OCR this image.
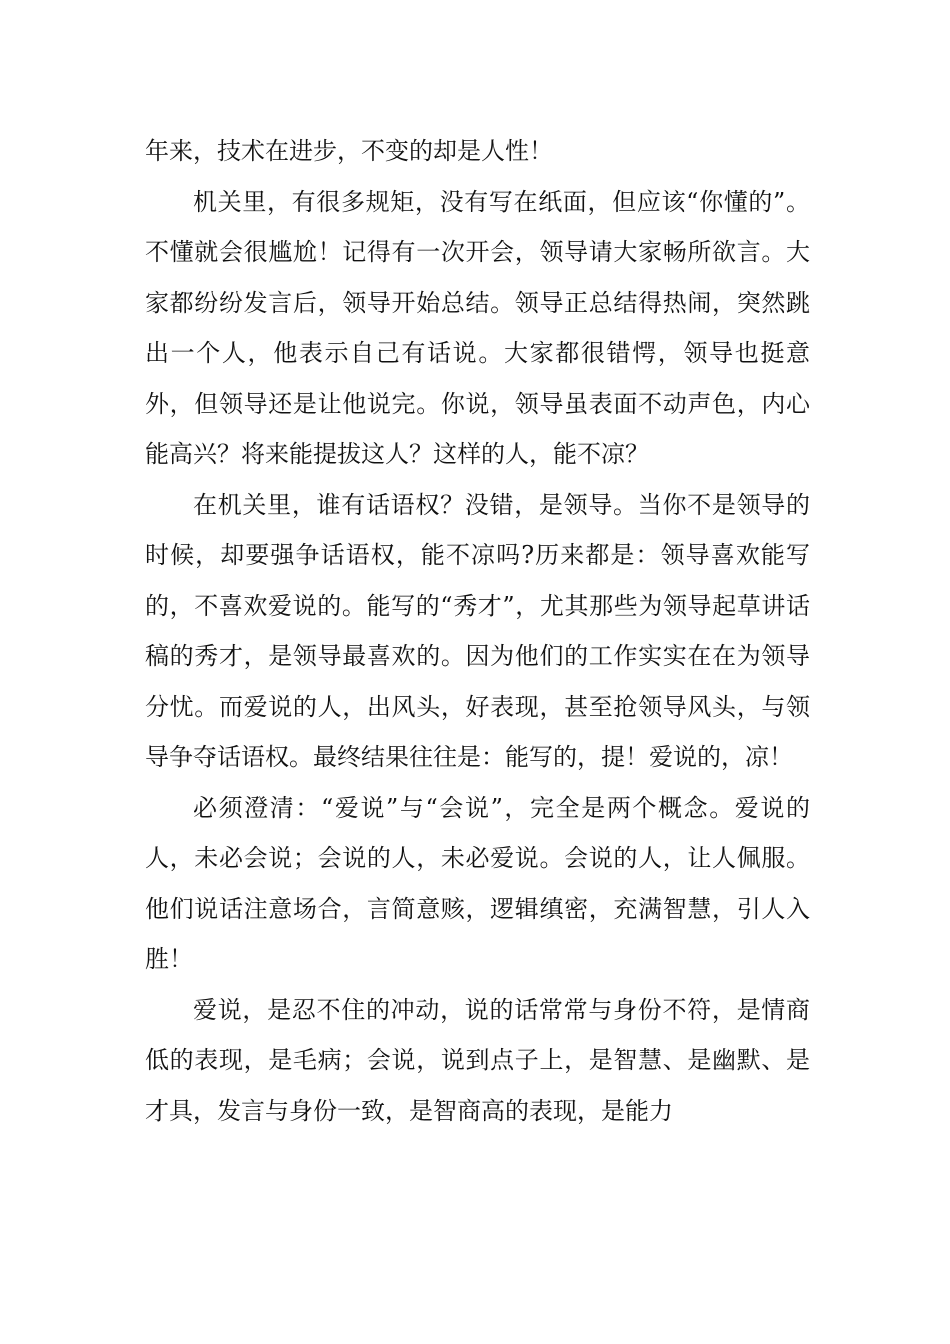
年来，技术在进步，不变的却是人性！

机关里，有很多规矩，没有写在纸面，但应该“你懂的”。不懂就会很尴尬！记得有一次开会，领导请大家畅所欲言。大家都纷纷发言后，领导开始总结。领导正总结得热闹，突然跳出一个人，他表示自己有话说。大家都很错愕，领导也挺意外，但领导还是让他说完。你说，领导虽表面不动声色，内心能高兴？将来能提拔这人？这样的人，能不凉？

在机关里，谁有话语权？没错，是领导。当你不是领导的时候，却要强争话语权，能不凉吗?历来都是：领导喜欢能写的，不喜欢爱说的。能写的“秀才”，尤其那些为领导起草讲话稿的秀才，是领导最喜欢的。因为他们的工作实实在在为领导分忧。而爱说的人，出风头，好表现，甚至抢领导风头，与领导争夺话语权。最终结果往往是：能写的，提！爱说的，凉！

必须澄清：“爱说”与“会说”，完全是两个概念。爱说的人，未必会说；会说的人，未必爱说。会说的人，让人佩服。他们说话注意场合，言简意赅，逻辑缜密，充满智慧，引人入胜！

爱说，是忍不住的冲动，说的话常常与身份不符，是情商低的表现，是毛病；会说，说到点子上，是智慧、是幽默、是才具，发言与身份一致，是智商高的表现，是能力
